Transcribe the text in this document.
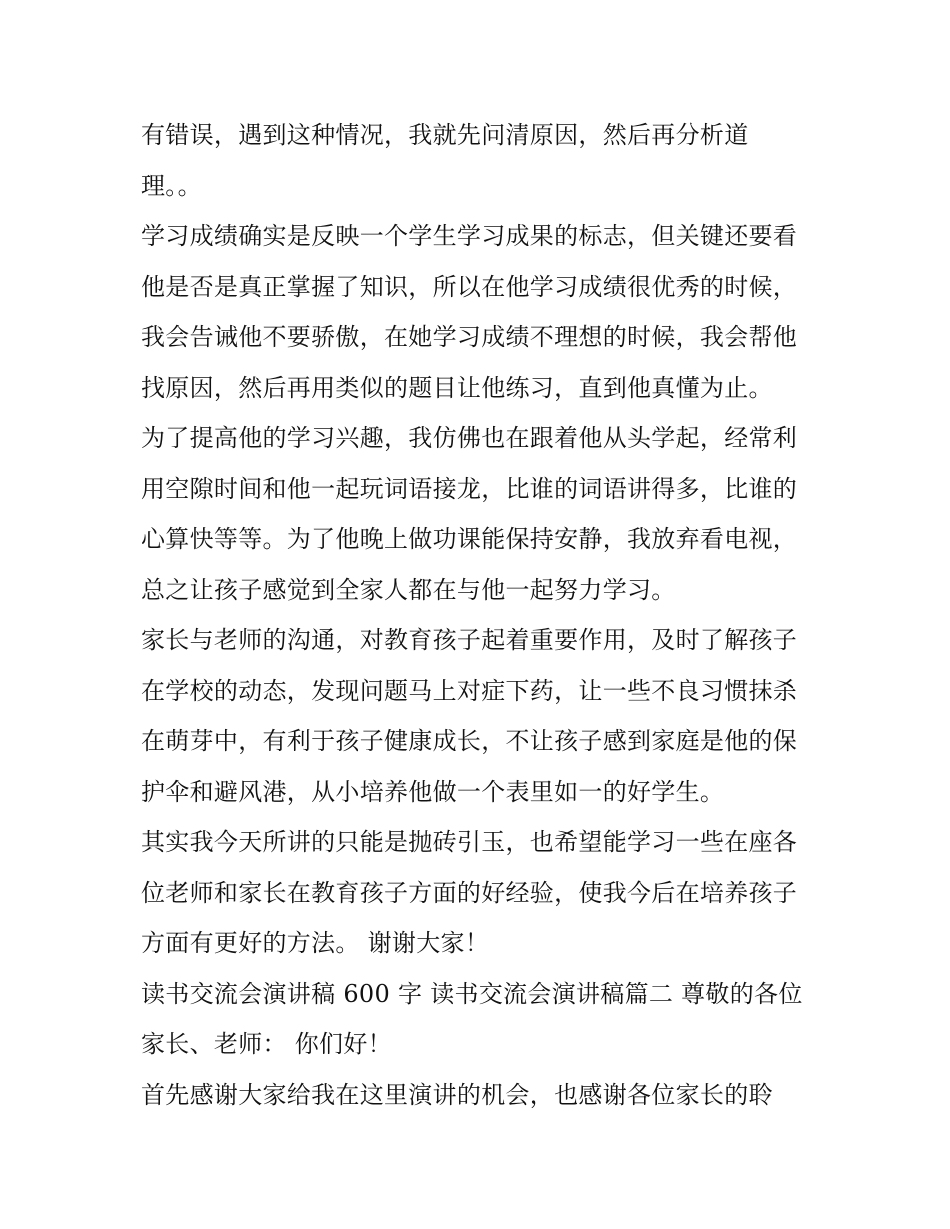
有错误，遇到这种情况，我就先问清原因，然后再分析道
理。。
学习成绩确实是反映一个学生学习成果的标志，但关键还要看
他是否是真正掌握了知识，所以在他学习成绩很优秀的时候，
我会告诫他不要骄傲，在她学习成绩不理想的时候，我会帮他
找原因，然后再用类似的题目让他练习，直到他真懂为止。
为了提高他的学习兴趣，我仿佛也在跟着他从头学起，经常利
用空隙时间和他一起玩词语接龙，比谁的词语讲得多，比谁的
心算快等等。为了他晚上做功课能保持安静，我放弃看电视，
总之让孩子感觉到全家人都在与他一起努力学习。
家长与老师的沟通，对教育孩子起着重要作用，及时了解孩子
在学校的动态，发现问题马上对症下药，让一些不良习惯抹杀
在萌芽中，有利于孩子健康成长，不让孩子感到家庭是他的保
护伞和避风港，从小培养他做一个表里如一的好学生。
其实我今天所讲的只能是抛砖引玉，也希望能学习一些在座各
位老师和家长在教育孩子方面的好经验，使我今后在培养孩子
方面有更好的方法。 谢谢大家！
读书交流会演讲稿 600 字 读书交流会演讲稿篇二 尊敬的各位
家长、老师： 你们好！
首先感谢大家给我在这里演讲的机会，也感谢各位家长的聆
